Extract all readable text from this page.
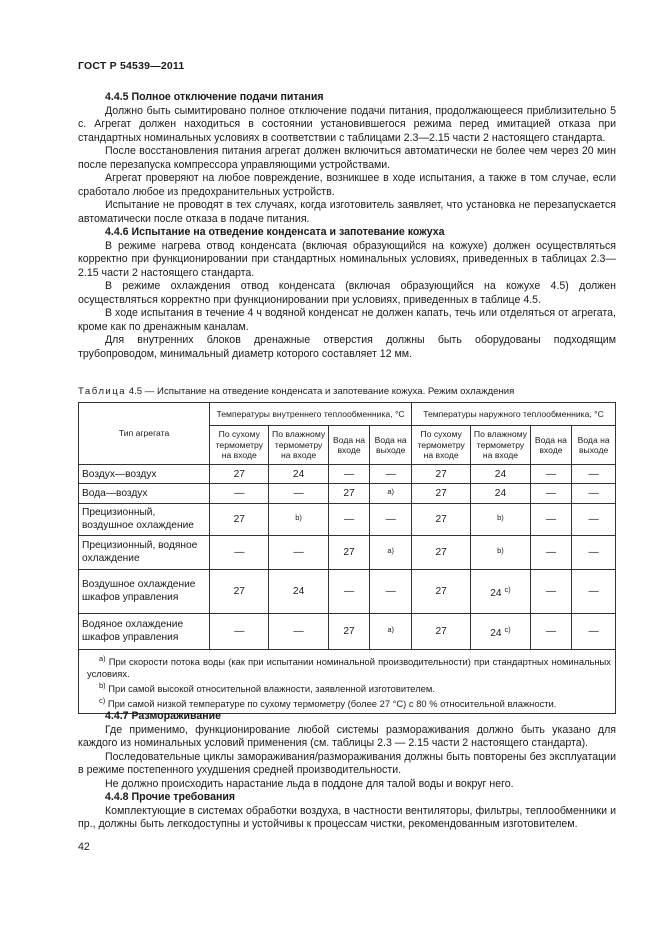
ГОСТ Р 54539—2011

4.4.5 Полное отключение подачи питания

Должно быть сымитировано полное отключение подачи питания, продолжающееся приблизительно 5 с. Агрегат должен находиться в состоянии установившегося режима перед имитацией отказа при стандартных номинальных условиях в соответствии с таблицами 2.3—2.15 части 2 настоящего стандарта.

После восстановления питания агрегат должен включиться автоматически не более чем через 20 мин после перезапуска компрессора управляющими устройствами.

Агрегат проверяют на любое повреждение, возникшее в ходе испытания, а также в том случае, если сработало любое из предохранительных устройств.

Испытание не проводят в тех случаях, когда изготовитель заявляет, что установка не перезапускается автоматически после отказа в подаче питания.

4.4.6 Испытание на отведение конденсата и запотевание кожуха

В режиме нагрева отвод конденсата (включая образующийся на кожухе) должен осуществляться корректно при функционировании при стандартных номинальных условиях, приведенных в таблицах 2.3—2.15 части 2 настоящего стандарта.

В режиме охлаждения отвод конденсата (включая образующийся на кожухе 4.5) должен осуществляться корректно при функционировании при условиях, приведенных в таблице 4.5.

В ходе испытания в течение 4 ч водяной конденсат не должен капать, течь или отделяться от агрегата, кроме как по дренажным каналам.

Для внутренних блоков дренажные отверстия должны быть оборудованы подходящим трубопроводом, минимальный диаметр которого составляет 12 мм.

Таблица 4.5 — Испытание на отведение конденсата и запотевание кожуха. Режим охлаждения
Тип агрегата	Температуры внутреннего теплообменника, °С				Температуры наружного теплообменника, °С			
	По сухому термометру на входе	По влажному термометру на входе	Вода на входе	Вода на выходе	По сухому термометру на входе	По влажному термометру на входе	Вода на входе	Вода на выходе
Воздух—воздух	27	24	—	—	27	24	—	—
Вода—воздух	—	—	27	$^{a)}$	27	24	—	—
Прецизионный, воздушное охлаждение	27	$^{b)}$	—	—	27	$^{b)}$	—	—
Прецизионный, водяное охлаждение	—	—	27	$^{a)}$	27	$^{b)}$	—	—
Воздушное охлаждение шкафов управления	27	24	—	—	27	24 $^{c)}$	—	—
Водяное охлаждение шкафов управления	—	—	27	$^{a)}$	27	24 $^{c)}$	—	—

$^{a)}$ При скорости потока воды (как при испытании номинальной производительности) при стандартных номинальных условиях.
$^{b)}$ При самой высокой относительной влажности, заявленной изготовителем.
$^{c)}$ При самой низкой температуре по сухому термометру (более 27 °С) с 80 % относительной влажности.								

4.4.7 Размораживание

Где применимо, функционирование любой системы размораживания должно быть указано для каждого из номинальных условий применения (см. таблицы 2.3 — 2.15 части 2 настоящего стандарта).

Последовательные циклы замораживания/размораживания должны быть повторены без эксплуатации в режиме постепенного ухудшения средней производительности.

Не должно происходить нарастание льда в поддоне для талой воды и вокруг него.

4.4.8 Прочие требования

Комплектующие в системах обработки воздуха, в частности вентиляторы, фильтры, теплообменники и пр., должны быть легкодоступны и устойчивы к процессам чистки, рекомендованным изготовителем.

42
